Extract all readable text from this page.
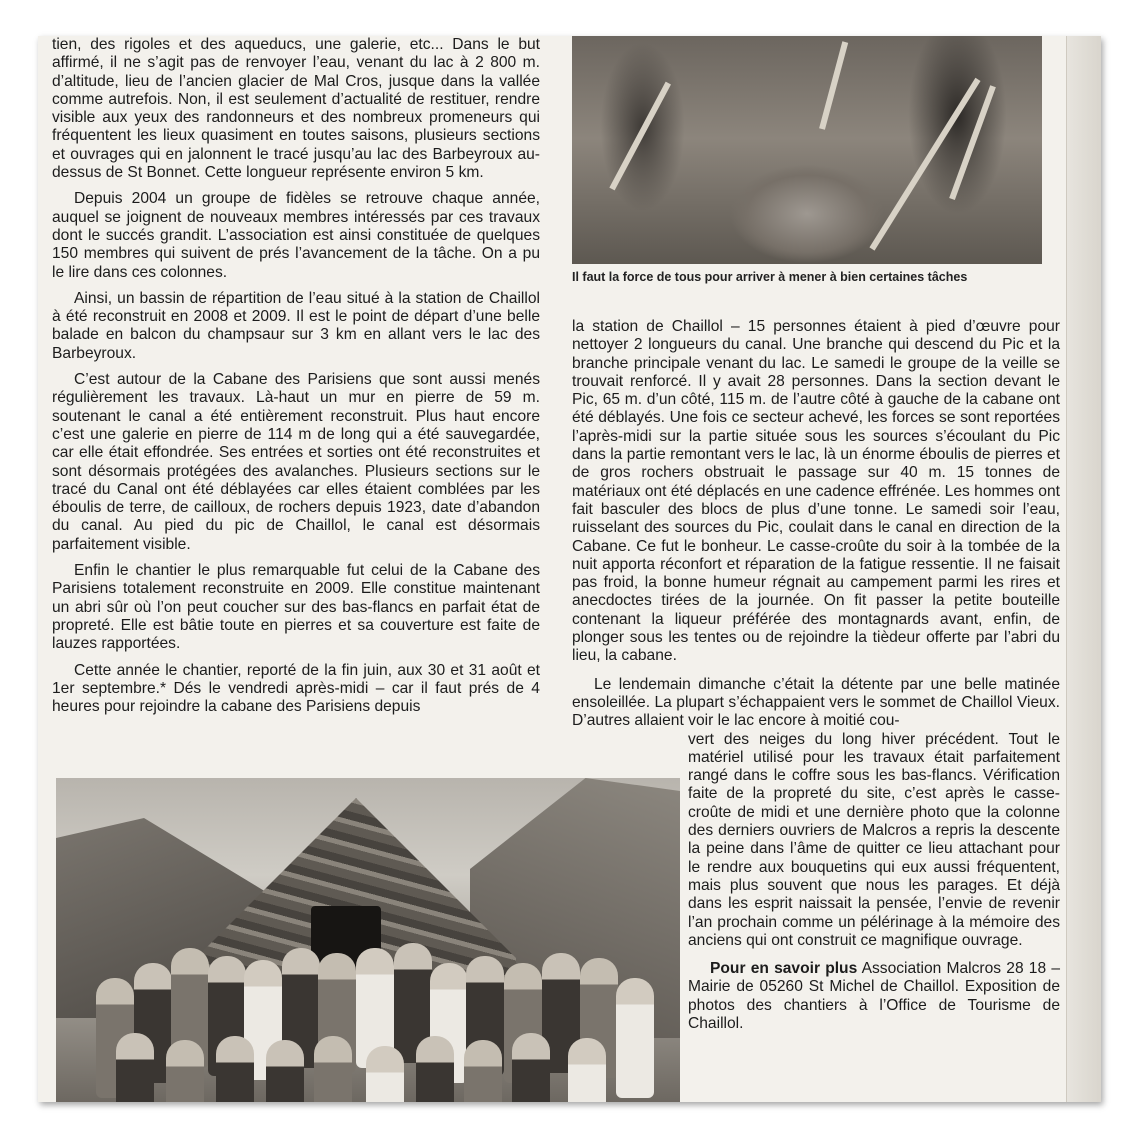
tien, des rigoles et des aqueducs, une galerie, etc... Dans le but affirmé, il ne s’agit pas de renvoyer l’eau, venant du lac à 2 800 m. d’altitude, lieu de l’ancien glacier de Mal Cros, jusque dans la vallée comme autrefois. Non, il est seulement d’actualité de restituer, rendre visible aux yeux des randonneurs et des nombreux promeneurs qui fréquentent les lieux quasiment en toutes saisons, plusieurs sections et ouvrages qui en jalonnent le tracé jusqu’au lac des Barbeyroux au-dessus de St Bonnet. Cette longueur représente environ 5 km.

Depuis 2004 un groupe de fidèles se retrouve chaque année, auquel se joignent de nouveaux membres intéressés par ces travaux dont le succés grandit. L’association est ainsi constituée de quelques 150 membres qui suivent de prés l’avancement de la tâche. On a pu le lire dans ces colonnes.

Ainsi, un bassin de répartition de l’eau situé à la station de Chaillol à été reconstruit en 2008 et 2009. Il est le point de départ d’une belle balade en balcon du champsaur sur 3 km en allant vers le lac des Barbeyroux.

C’est autour de la Cabane des Parisiens que sont aussi menés régulièrement les travaux. Là-haut un mur en pierre de 59 m. soutenant le canal a été entièrement reconstruit. Plus haut encore c’est une galerie en pierre de 114 m de long qui a été sauvegardée, car elle était effondrée. Ses entrées et sorties ont été reconstruites et sont désormais protégées des avalanches. Plusieurs sections sur le tracé du Canal ont été déblayées car elles étaient comblées par les éboulis de terre, de cailloux, de rochers depuis 1923, date d’abandon du canal. Au pied du pic de Chaillol, le canal est désormais parfaitement visible.

Enfin le chantier le plus remarquable fut celui de la Cabane des Parisiens totalement reconstruite en 2009. Elle constitue maintenant un abri sûr où l’on peut coucher sur des bas-flancs en parfait état de propreté. Elle est bâtie toute en pierres et sa couverture est faite de lauzes rapportées.

Cette année le chantier, reporté de la fin juin, aux 30 et 31 août et 1er septembre.* Dés le vendredi après-midi – car il faut prés de 4 heures pour rejoindre la cabane des Parisiens depuis

Il faut la force de tous pour arriver à mener à bien certaines tâches

la station de Chaillol – 15 personnes étaient à pied d’œuvre pour nettoyer 2 longueurs du canal. Une branche qui descend du Pic et la branche principale venant du lac. Le samedi le groupe de la veille se trouvait renforcé. Il y avait 28 personnes. Dans la section devant le Pic, 65 m. d’un côté, 115 m. de l’autre côté à gauche de la cabane ont été déblayés. Une fois ce secteur achevé, les forces se sont reportées l’après-midi sur la partie située sous les sources s’écoulant du Pic dans la partie remontant vers le lac, là un énorme éboulis de pierres et de gros rochers obstruait le passage sur 40 m. 15 tonnes de matériaux ont été déplacés en une cadence effrénée. Les hommes ont fait basculer des blocs de plus d’une tonne. Le samedi soir l’eau, ruisselant des sources du Pic, coulait dans le canal en direction de la Cabane. Ce fut le bonheur. Le casse-croûte du soir à la tombée de la nuit apporta réconfort et réparation de la fatigue ressentie. Il ne faisait pas froid, la bonne humeur régnait au campement parmi les rires et anecdoctes tirées de la journée. On fit passer la petite bouteille contenant la liqueur préférée des montagnards avant, enfin, de plonger sous les tentes ou de rejoindre la tièdeur offerte par l’abri du lieu, la cabane.

Le lendemain dimanche c’était la détente par une belle matinée ensoleillée. La plupart s’échappaient vers le sommet de Chaillol Vieux. D’autres allaient voir le lac encore à moitié cou-

vert des neiges du long hiver précédent. Tout le matériel utilisé pour les travaux était parfaitement rangé dans le coffre sous les bas-flancs. Vérification faite de la propreté du site, c’est après le casse-croûte de midi et une dernière photo que la colonne des derniers ouvriers de Malcros a repris la descente la peine dans l’âme de quitter ce lieu attachant pour le rendre aux bouquetins qui eux aussi fréquentent, mais plus souvent que nous les parages. Et déjà dans les esprit naissait la pensée, l’envie de revenir l’an prochain comme un pélérinage à la mémoire des anciens qui ont construit ce magnifique ouvrage.

Pour en savoir plus Association Malcros 28 18 – Mairie de 05260 St Michel de Chaillol. Exposition de photos des chantiers à l’Office de Tourisme de Chaillol.
